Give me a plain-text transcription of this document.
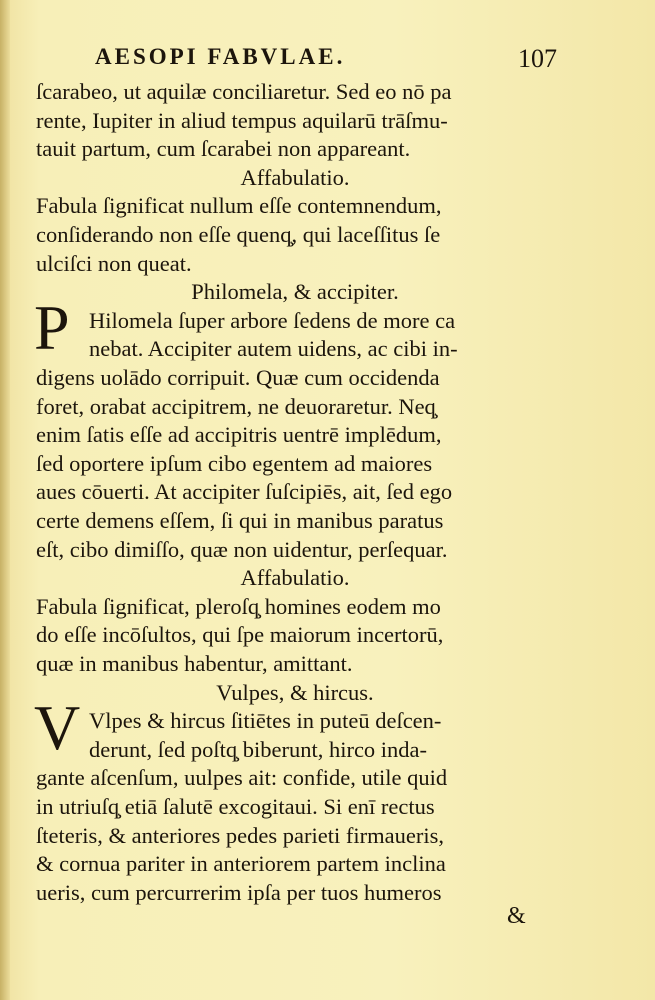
AESOPI FABVLAE.	107
P
V
ſcarabeo, ut aquilæ conciliaretur. Sed eo nō pa
rente, Iupiter in aliud tempus aquilarū trāſmu-
tauit partum, cum ſcarabei non appareant.
Affabulatio.
Fabula ſignificat nullum eſſe contemnendum,
conſiderando non eſſe quenq̧, qui laceſſitus ſe
ulciſci non queat.
Philomela, & accipiter.
Hilomela ſuper arbore ſedens de more ca
nebat. Accipiter autem uidens, ac cibi in-
digens uolādo corripuit. Quæ cum occidenda
foret, orabat accipitrem, ne deuoraretur. Neq̧
enim ſatis eſſe ad accipitris uentrē implēdum,
ſed oportere ipſum cibo egentem ad maiores
aues cōuerti. At accipiter ſuſcipiēs, ait, ſed ego
certe demens eſſem, ſi qui in manibus paratus
eſt, cibo dimiſſo, quæ non uidentur, perſequar.
Affabulatio.
Fabula ſignificat, pleroſq̧ homines eodem mo
do eſſe incōſultos, qui ſpe maiorum incertorū,
quæ in manibus habentur, amittant.
Vulpes, & hircus.
Vlpes & hircus ſitiētes in puteū deſcen-
derunt, ſed poſtq̧ biberunt, hirco inda-
gante aſcenſum, uulpes ait: confide, utile quid
in utriuſq̧ etiā ſalutē excogitaui. Si enī rectus
ſteteris, & anteriores pedes parieti firmaueris,
& cornua pariter in anteriorem partem inclina
ueris, cum percurrerim ipſa per tuos humeros
&
